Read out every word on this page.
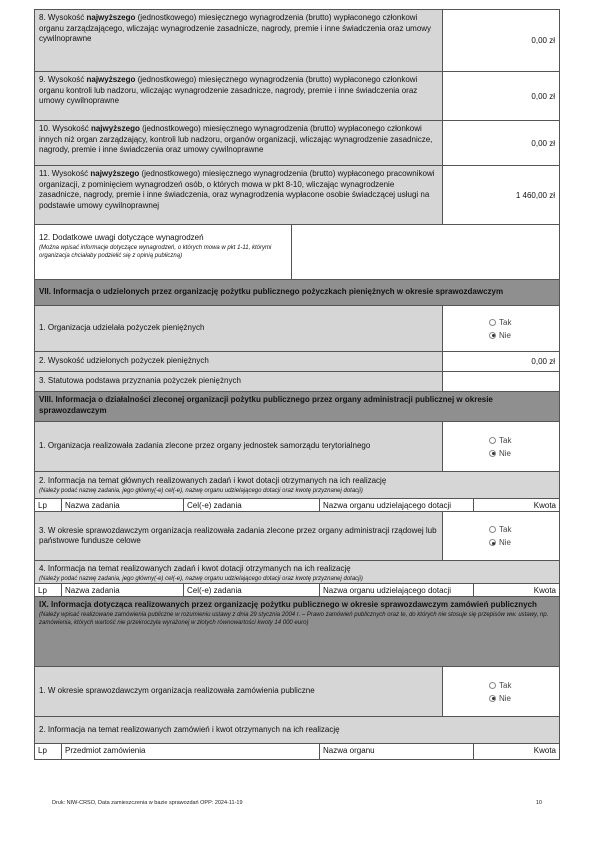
8. Wysokość najwyższego (jednostkowego) miesięcznego wynagrodzenia (brutto) wypłaconego członkowi organu zarządzającego, wliczając wynagrodzenie zasadnicze, nagrody, premie i inne świadczenia oraz umowy cywilnoprawne	0,00 zł
9. Wysokość najwyższego (jednostkowego) miesięcznego wynagrodzenia (brutto) wypłaconego członkowi organu kontroli lub nadzoru, wliczając wynagrodzenie zasadnicze, nagrody, premie i inne świadczenia oraz umowy cywilnoprawne	0,00 zł
10. Wysokość najwyższego (jednostkowego) miesięcznego wynagrodzenia (brutto) wypłaconego członkowi innych niż organ zarządzający, kontroli lub nadzoru, organów organizacji, wliczając wynagrodzenie zasadnicze, nagrody, premie i inne świadczenia oraz umowy cywilnoprawne
0,00 zł
11. Wysokość najwyższego (jednostkowego) miesięcznego wynagrodzenia (brutto) wypłaconego pracownikowi organizacji, z pominięciem wynagrodzeń osób, o których mowa w pkt 8-10, wliczając wynagrodzenie zasadnicze, nagrody, premie i inne świadczenia, oraz wynagrodzenia wypłacone osobie świadczącej usługi na podstawie umowy cywilnoprawnej
1 460,00 zł
12. Dodatkowe uwagi dotyczące wynagrodzeń
(Można wpisać informacje dotyczące wynagrodzeń, o których mowa w pkt 1-11, którymi organizacja chciałaby podzielić się z opinią publiczną)
VII. Informacja o udzielonych przez organizację pożytku publicznego pożyczkach pieniężnych w okresie sprawozdawczym
1. Organizacja udzielała pożyczek pieniężnych
Tak
Nie
2. Wysokość udzielonych pożyczek pieniężnych	0,00 zł
3. Statutowa podstawa przyznania pożyczek pieniężnych
VIII. Informacja o działalności zleconej organizacji pożytku publicznego przez organy administracji publicznej w okresie sprawozdawczym
1. Organizacja realizowała zadania zlecone przez organy jednostek samorządu terytorialnego
Tak
Nie
2. Informacja na temat głównych realizowanych zadań i kwot dotacji otrzymanych na ich realizację
(Należy podać nazwę zadania, jego główny(-e) cel(-e), nazwę organu udzielającego dotacji oraz kwotę przyznanej dotacji)
Lp	Nazwa zadania	Cel(-e) zadania	Nazwa organu udzielającego dotacji	Kwota
3. W okresie sprawozdawczym organizacja realizowała zadania zlecone przez organy administracji rządowej lub państwowe fundusze celowe
Tak
Nie
4. Informacja na temat realizowanych zadań i kwot dotacji otrzymanych na ich realizację
(Należy podać nazwę zadania, jego główny(-e) cel(-e), nazwę organu udzielającego dotacji oraz kwotę przyznanej dotacji)
Lp	Nazwa zadania	Cel(-e) zadania	Nazwa organu udzielającego dotacji	Kwota
IX. Informacja dotycząca realizowanych przez organizację pożytku publicznego w okresie sprawozdawczym zamówień publicznych
(Należy wpisać realizowane zamówienia publiczne w rozumieniu ustawy z dnia 29 stycznia 2004 r. – Prawo zamówień publicznych oraz te, do których nie stosuje się przepisów ww. ustawy, np. zamówienia, których wartość nie przekroczyła wyrażonej w złotych równowartości kwoty 14 000 euro)
1. W okresie sprawozdawczym organizacja realizowała zamówienia publiczne
Tak
Nie
2. Informacja na temat realizowanych zamówień i kwot otrzymanych na ich realizację
Lp	Przedmiot zamówienia	Nazwa organu	Kwota
Druk: NIW-CRSO, Data zamieszczenia w bazie sprawozdań OPP: 2024-11-19	10
